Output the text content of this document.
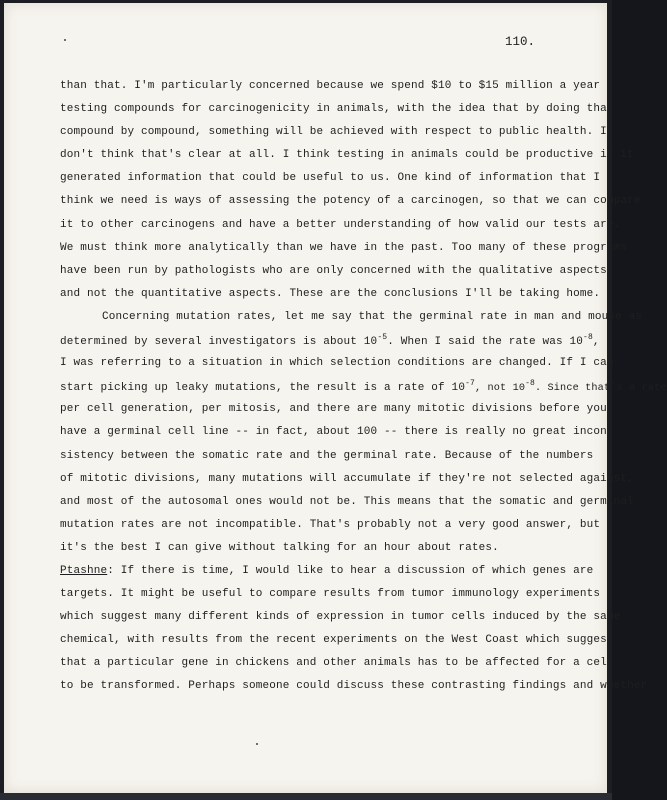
110.
than that. I'm particularly concerned because we spend $10 to $15 million a year
testing compounds for carcinogenicity in animals, with the idea that by doing that
compound by compound, something will be achieved with respect to public health. I
don't think that's clear at all. I think testing in animals could be productive if it
generated information that could be useful to us. One kind of information that I
think we need is ways of assessing the potency of a carcinogen, so that we can compare
it to other carcinogens and have a better understanding of how valid our tests are.
We must think more analytically than we have in the past. Too many of these programs
have been run by pathologists who are only concerned with the qualitative aspects
and not the quantitative aspects. These are the conclusions I'll be taking home.
Concerning mutation rates, let me say that the germinal rate in man and mouse as
determined by several investigators is about $10^{-5}$. When I said the rate was $10^{-8}$,
I was referring to a situation in which selection conditions are changed. If I can
start picking up leaky mutations, the result is a rate of $10^{-7}$, not $10^{-8}$. Since that's a rate
per cell generation, per mitosis, and there are many mitotic divisions before you
have a germinal cell line -- in fact, about 100 -- there is really no great incon-
sistency between the somatic rate and the germinal rate. Because of the numbers
of mitotic divisions, many mutations will accumulate if they're not selected against,
and most of the autosomal ones would not be. This means that the somatic and germinal
mutation rates are not incompatible. That's probably not a very good answer, but
it's the best I can give without talking for an hour about rates.
Ptashne: If there is time, I would like to hear a discussion of which genes are
targets. It might be useful to compare results from tumor immunology experiments
which suggest many different kinds of expression in tumor cells induced by the same
chemical, with results from the recent experiments on the West Coast which suggest
that a particular gene in chickens and other animals has to be affected for a cell
to be transformed. Perhaps someone could discuss these contrasting findings and whether
